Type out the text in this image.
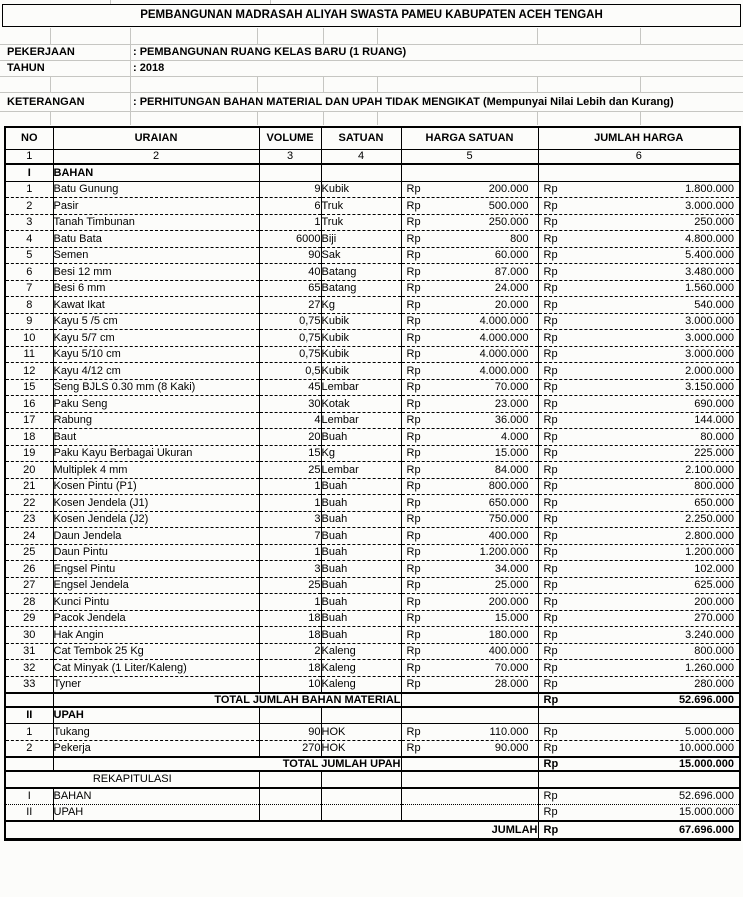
PEMBANGUNAN MADRASAH ALIYAH SWASTA PAMEU KABUPATEN ACEH TENGAH
PEKERJAAN	: PEMBANGUNAN RUANG KELAS BARU (1 RUANG)
TAHUN	: 2018
KETERANGAN	: PERHITUNGAN BAHAN MATERIAL DAN UPAH TIDAK MENGIKAT (Mempunyai Nilai Lebih dan Kurang)
NO	URAIAN	VOLUME	SATUAN	HARGA SATUAN	JUMLAH HARGA
1	2	3	4	5	6
I	BAHAN				
1	Batu Gunung	9	Kubik	Rp 200.000	Rp 1.800.000

2	Pasir	6	Truk	Rp 500.000	Rp 3.000.000

3	Tanah Timbunan	1	Truk	Rp 250.000	Rp 250.000

4	Batu Bata	6000	Biji	Rp 800	Rp 4.800.000

5	Semen	90	Sak	Rp 60.000	Rp 5.400.000

6	Besi 12 mm	40	Batang	Rp 87.000	Rp 3.480.000

7	Besi 6 mm	65	Batang	Rp 24.000	Rp 1.560.000

8	Kawat Ikat	27	Kg	Rp 20.000	Rp 540.000

9	Kayu 5 /5 cm	0,75	Kubik	Rp 4.000.000	Rp 3.000.000

10	Kayu 5/7 cm	0,75	Kubik	Rp 4.000.000	Rp 3.000.000

11	Kayu 5/10 cm	0,75	Kubik	Rp 4.000.000	Rp 3.000.000

12	Kayu 4/12 cm	0,5	Kubik	Rp 4.000.000	Rp 2.000.000

15	Seng BJLS 0.30 mm (8 Kaki)	45	Lembar	Rp 70.000	Rp 3.150.000

16	Paku Seng	30	Kotak	Rp 23.000	Rp 690.000

17	Rabung	4	Lembar	Rp 36.000	Rp 144.000

18	Baut	20	Buah	Rp 4.000	Rp 80.000

19	Paku Kayu Berbagai Ukuran	15	Kg	Rp 15.000	Rp 225.000

20	Multiplek 4 mm	25	Lembar	Rp 84.000	Rp 2.100.000

21	Kosen Pintu (P1)	1	Buah	Rp 800.000	Rp 800.000

22	Kosen Jendela (J1)	1	Buah	Rp 650.000	Rp 650.000

23	Kosen Jendela (J2)	3	Buah	Rp 750.000	Rp 2.250.000

24	Daun Jendela	7	Buah	Rp 400.000	Rp 2.800.000

25	Daun Pintu	1	Buah	Rp 1.200.000	Rp 1.200.000

26	Engsel Pintu	3	Buah	Rp 34.000	Rp 102.000

27	Engsel Jendela	25	Buah	Rp 25.000	Rp 625.000

28	Kunci Pintu	1	Buah	Rp 200.000	Rp 200.000

29	Pacok Jendela	18	Buah	Rp 15.000	Rp 270.000

30	Hak Angin	18	Buah	Rp 180.000	Rp 3.240.000

31	Cat Tembok 25 Kg	2	Kaleng	Rp 400.000	Rp 800.000

32	Cat Minyak (1 Liter/Kaleng)	18	Kaleng	Rp 70.000	Rp 1.260.000

33	Tyner	10	Kaleng	Rp 28.000	Rp 280.000

	TOTAL JUMLAH BAHAN MATERIAL				Rp 52.696.000

II	UPAH				
1	Tukang	90	HOK	Rp 110.000	Rp 5.000.000

2	Pekerja	270	HOK	Rp 90.000	Rp 10.000.000

	TOTAL JUMLAH UPAH				Rp 15.000.000

REKAPITULASI					
I	BAHAN				Rp 52.696.000

II	UPAH				Rp 15.000.000

JUMLAH					Rp 67.696.000
